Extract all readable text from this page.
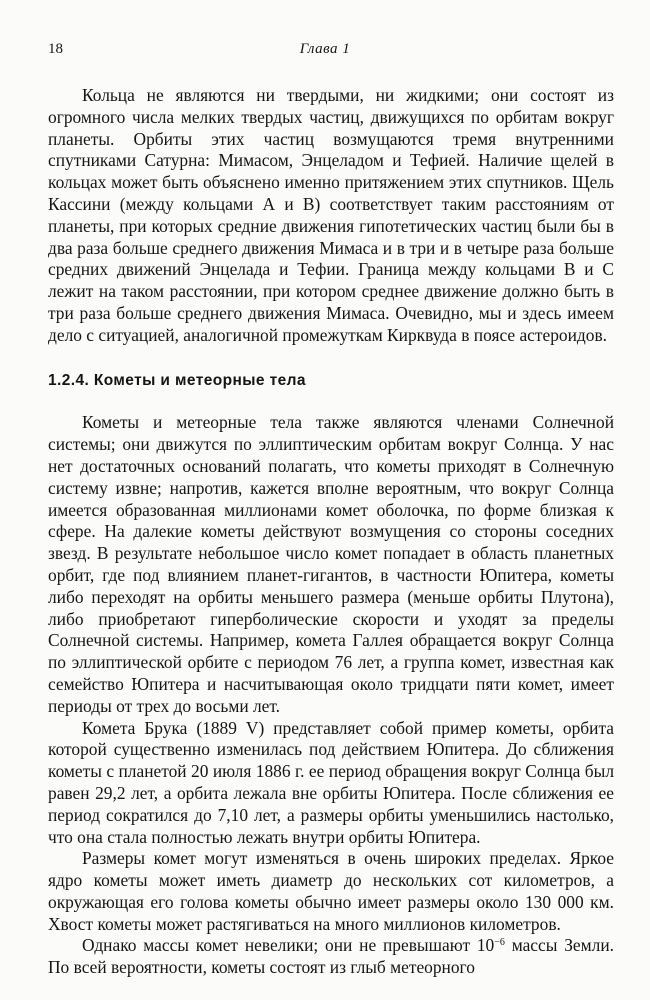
18	Глава 1

Кольца не являются ни твердыми, ни жидкими; они состоят из огромного числа мелких твердых частиц, движущихся по орбитам вокруг планеты. Орбиты этих частиц возмущаются тремя внутренними спутниками Сатурна: Мимасом, Энцеладом и Тефией. Наличие щелей в кольцах может быть объяснено именно притяжением этих спутников. Щель Кассини (между кольцами А и В) соответствует таким расстояниям от планеты, при которых средние движения гипотетических частиц были бы в два раза больше среднего движения Мимаса и в три и в четыре раза больше средних движений Энцелада и Тефии. Граница между кольцами В и С лежит на таком расстоянии, при котором среднее движение должно быть в три раза больше среднего движения Мимаса. Очевидно, мы и здесь имеем дело с ситуацией, аналогичной промежуткам Кирквуда в поясе астероидов.

1.2.4. Кометы и метеорные тела

Кометы и метеорные тела также являются членами Солнечной системы; они движутся по эллиптическим орбитам вокруг Солнца. У нас нет достаточных оснований полагать, что кометы приходят в Солнечную систему извне; напротив, кажется вполне вероятным, что вокруг Солнца имеется образованная миллионами комет оболочка, по форме близкая к сфере. На далекие кометы действуют возмущения со стороны соседних звезд. В результате небольшое число комет попадает в область планетных орбит, где под влиянием планет-гигантов, в частности Юпитера, кометы либо переходят на орбиты меньшего размера (меньше орбиты Плутона), либо приобретают гиперболические скорости и уходят за пределы Солнечной системы. Например, комета Галлея обращается вокруг Солнца по эллиптической орбите с периодом 76 лет, а группа комет, известная как семейство Юпитера и насчитывающая около тридцати пяти комет, имеет периоды от трех до восьми лет.

Комета Брука (1889 V) представляет собой пример кометы, орбита которой существенно изменилась под действием Юпитера. До сближения кометы с планетой 20 июля 1886 г. ее период обращения вокруг Солнца был равен 29,2 лет, а орбита лежала вне орбиты Юпитера. После сближения ее период сократился до 7,10 лет, а размеры орбиты уменьшились настолько, что она стала полностью лежать внутри орбиты Юпитера.

Размеры комет могут изменяться в очень широких пределах. Яркое ядро кометы может иметь диаметр до нескольких сот километров, а окружающая его голова кометы обычно имеет размеры около 130 000 км. Хвост кометы может растягиваться на много миллионов километров.

Однако массы комет невелики; они не превышают $10^{-6}$ массы Земли. По всей вероятности, кометы состоят из глыб метеорного
